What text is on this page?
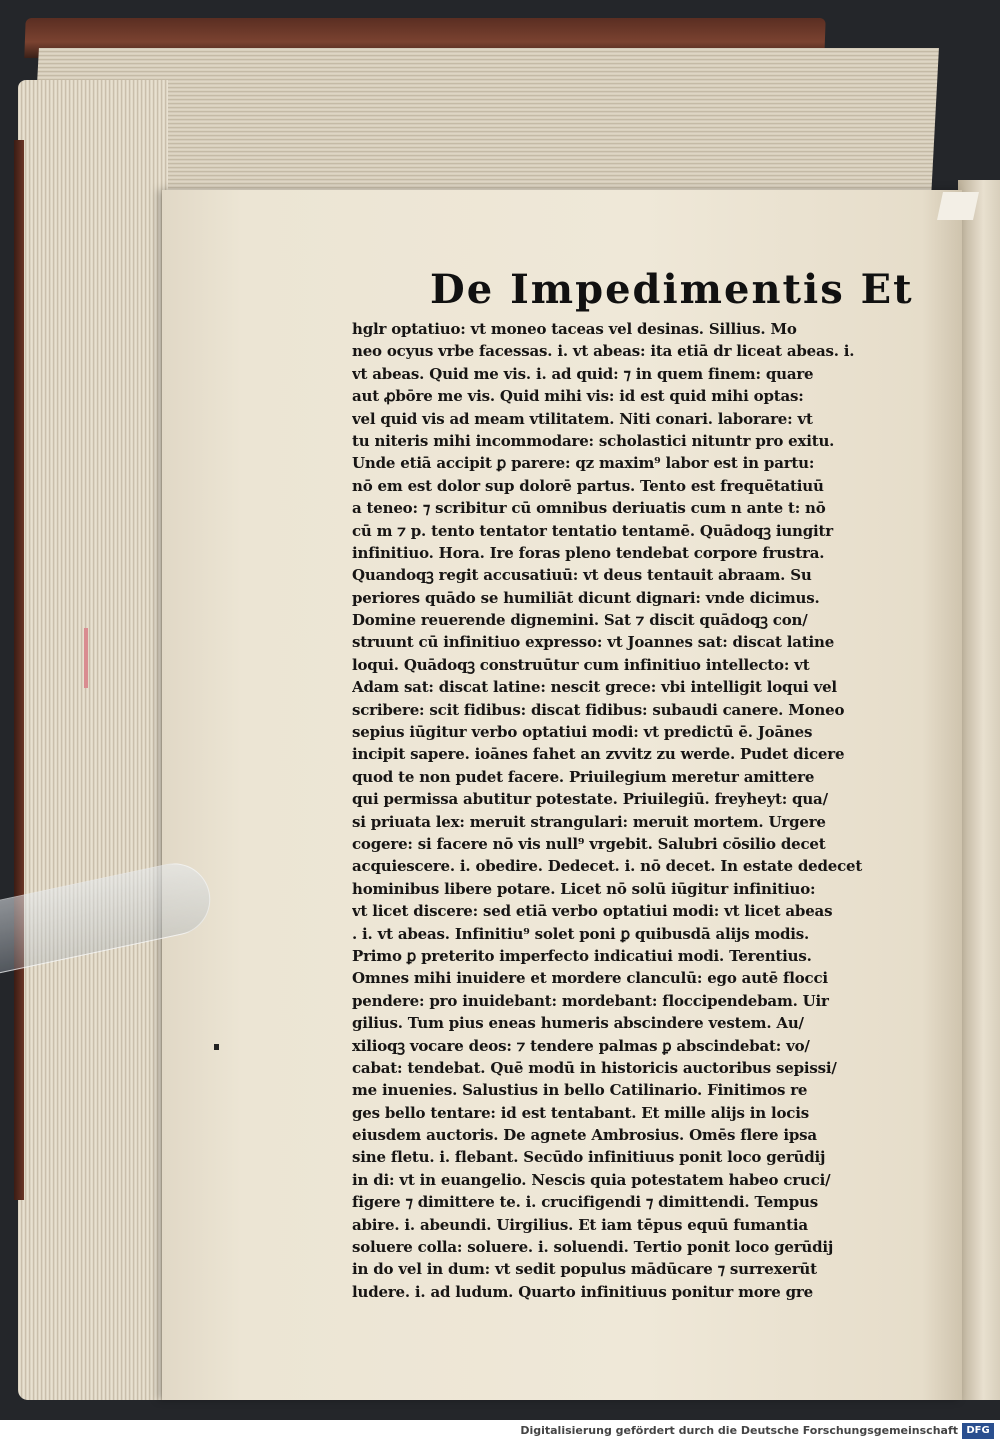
De Impedimentis Et
hglr optatiuo: vt moneo taceas vel desinas. Sillius. Mo
neo ocyus vrbe facessas. i. vt abeas: ita etiā dr liceat abeas. i.
vt abeas. Quid me vis. i. ad quid: ⁊ in quem finem: quare
aut ꝓbōre me vis. Quid mihi vis: id est quid mihi optas:
vel quid vis ad meam vtilitatem. Niti conari. laborare: vt
tu niteris mihi incommodare: scholastici nituntr pro exitu.
Unde etiā accipit ꝑ parere: qz maxim⁹ labor est in partu:
nō em est dolor sup dolorē partus. Tento est frequētatiuū
a teneo: ⁊ scribitur cū omnibus deriuatis cum n ante t: nō
cū m ⁊ p. tento tentator tentatio tentamē. Quādoqꝫ iungitr
infinitiuo. Hora. Ire foras pleno tendebat corpore frustra.
Quandoqꝫ regit accusatiuū: vt deus tentauit abraam. Su
periores quādo se humiliāt dicunt dignari: vnde dicimus.
Domine reuerende dignemini. Sat ⁊ discit quādoqꝫ con/
struunt cū infinitiuo expresso: vt Joannes sat: discat latine
loqui. Quādoqꝫ construūtur cum infinitiuo intellecto: vt
Adam sat: discat latine: nescit grece: vbi intelligit loqui vel
scribere: scit fidibus: discat fidibus: subaudi canere. Moneo
sepius iūgitur verbo optatiui modi: vt predictū ē. Joānes
incipit sapere. ioānes fahet an zvvitz zu werde. Pudet dicere
quod te non pudet facere. Priuilegium meretur amittere
qui permissa abutitur potestate. Priuilegiū. freyheyt: qua/
si priuata lex: meruit strangulari: meruit mortem. Urgere
cogere: si facere nō vis null⁹ vrgebit. Salubri cōsilio decet
acquiescere. i. obedire. Dedecet. i. nō decet. In estate dedecet
hominibus libere potare. Licet nō solū iūgitur infinitiuo:
vt licet discere: sed etiā verbo optatiui modi: vt licet abeas
. i. vt abeas. Infinitiu⁹ solet poni ꝑ quibusdā alijs modis.
Primo ꝑ preterito imperfecto indicatiui modi. Terentius.
Omnes mihi inuidere et mordere clanculū: ego autē flocci
pendere: pro inuidebant: mordebant: floccipendebam. Uir
gilius. Tum pius eneas humeris abscindere vestem. Au/
xilioqꝫ vocare deos: ⁊ tendere palmas ꝑ abscindebat: vo/
cabat: tendebat. Quē modū in historicis auctoribus sepissi/
me inuenies. Salustius in bello Catilinario. Finitimos re
ges bello tentare: id est tentabant. Et mille alijs in locis
eiusdem auctoris. De agnete Ambrosius. Omēs flere ipsa
sine fletu. i. flebant. Secūdo infinitiuus ponit loco gerūdij
in di: vt in euangelio. Nescis quia potestatem habeo cruci/
figere ⁊ dimittere te. i. crucifigendi ⁊ dimittendi. Tempus
abire. i. abeundi. Uirgilius. Et iam tēpus equū fumantia
soluere colla: soluere. i. soluendi. Tertio ponit loco gerūdij
in do vel in dum: vt sedit populus mādūcare ⁊ surrexerūt
ludere. i. ad ludum. Quarto infinitiuus ponitur more gre
Digitalisierung gefördert durch die Deutsche Forschungsgemeinschaft DFG
